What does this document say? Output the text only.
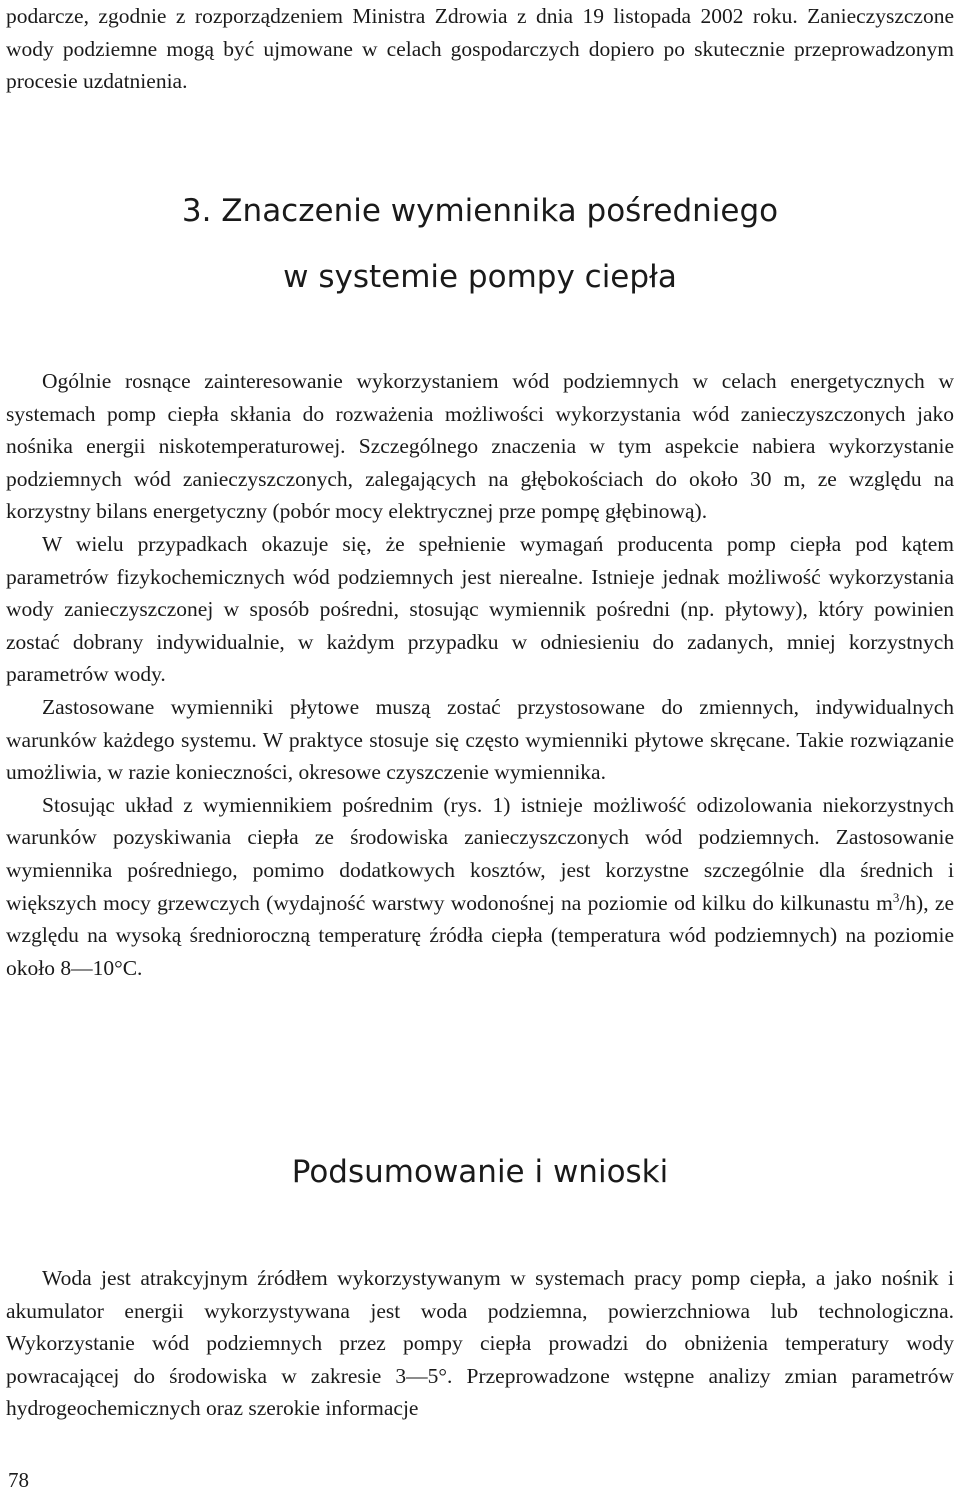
podarcze, zgodnie z rozporządzeniem Ministra Zdrowia z dnia 19 listopada 2002 roku. Zanieczyszczone wody podziemne mogą być ujmowane w celach gospodarczych dopiero po skutecznie przeprowadzonym procesie uzdatnienia.

3. Znaczenie wymiennika pośredniego
w systemie pompy ciepła

Ogólnie rosnące zainteresowanie wykorzystaniem wód podziemnych w celach energetycznych w systemach pomp ciepła skłania do rozważenia możliwości wykorzystania wód zanieczyszczonych jako nośnika energii niskotemperaturowej. Szczególnego znaczenia w tym aspekcie nabiera wykorzystanie podziemnych wód zanieczyszczonych, zalegających na głębokościach do około 30 m, ze względu na korzystny bilans energetyczny (pobór mocy elektrycznej prze pompę głębinową).

W wielu przypadkach okazuje się, że spełnienie wymagań producenta pomp ciepła pod kątem parametrów fizykochemicznych wód podziemnych jest nierealne. Istnieje jednak możliwość wykorzystania wody zanieczyszczonej w sposób pośredni, stosując wymiennik pośredni (np. płytowy), który powinien zostać dobrany indywidualnie, w każdym przypadku w odniesieniu do zadanych, mniej korzystnych parametrów wody.

Zastosowane wymienniki płytowe muszą zostać przystosowane do zmiennych, indywidualnych warunków każdego systemu. W praktyce stosuje się często wymienniki płytowe skręcane. Takie rozwiązanie umożliwia, w razie konieczności, okresowe czyszczenie wymiennika.

Stosując układ z wymiennikiem pośrednim (rys. 1) istnieje możliwość odizolowania niekorzystnych warunków pozyskiwania ciepła ze środowiska zanieczyszczonych wód podziemnych. Zastosowanie wymiennika pośredniego, pomimo dodatkowych kosztów, jest korzystne szczególnie dla średnich i większych mocy grzewczych (wydajność warstwy wodonośnej na poziomie od kilku do kilkunastu $m^3/h$), ze względu na wysoką średnioroczną temperaturę źródła ciepła (temperatura wód podziemnych) na poziomie około 8—10°C.

Podsumowanie i wnioski

Woda jest atrakcyjnym źródłem wykorzystywanym w systemach pracy pomp ciepła, a jako nośnik i akumulator energii wykorzystywana jest woda podziemna, powierzchniowa lub technologiczna. Wykorzystanie wód podziemnych przez pompy ciepła prowadzi do obniżenia temperatury wody powracającej do środowiska w zakresie 3—5°. Przeprowadzone wstępne analizy zmian parametrów hydrogeochemicznych oraz szerokie informacje

78
